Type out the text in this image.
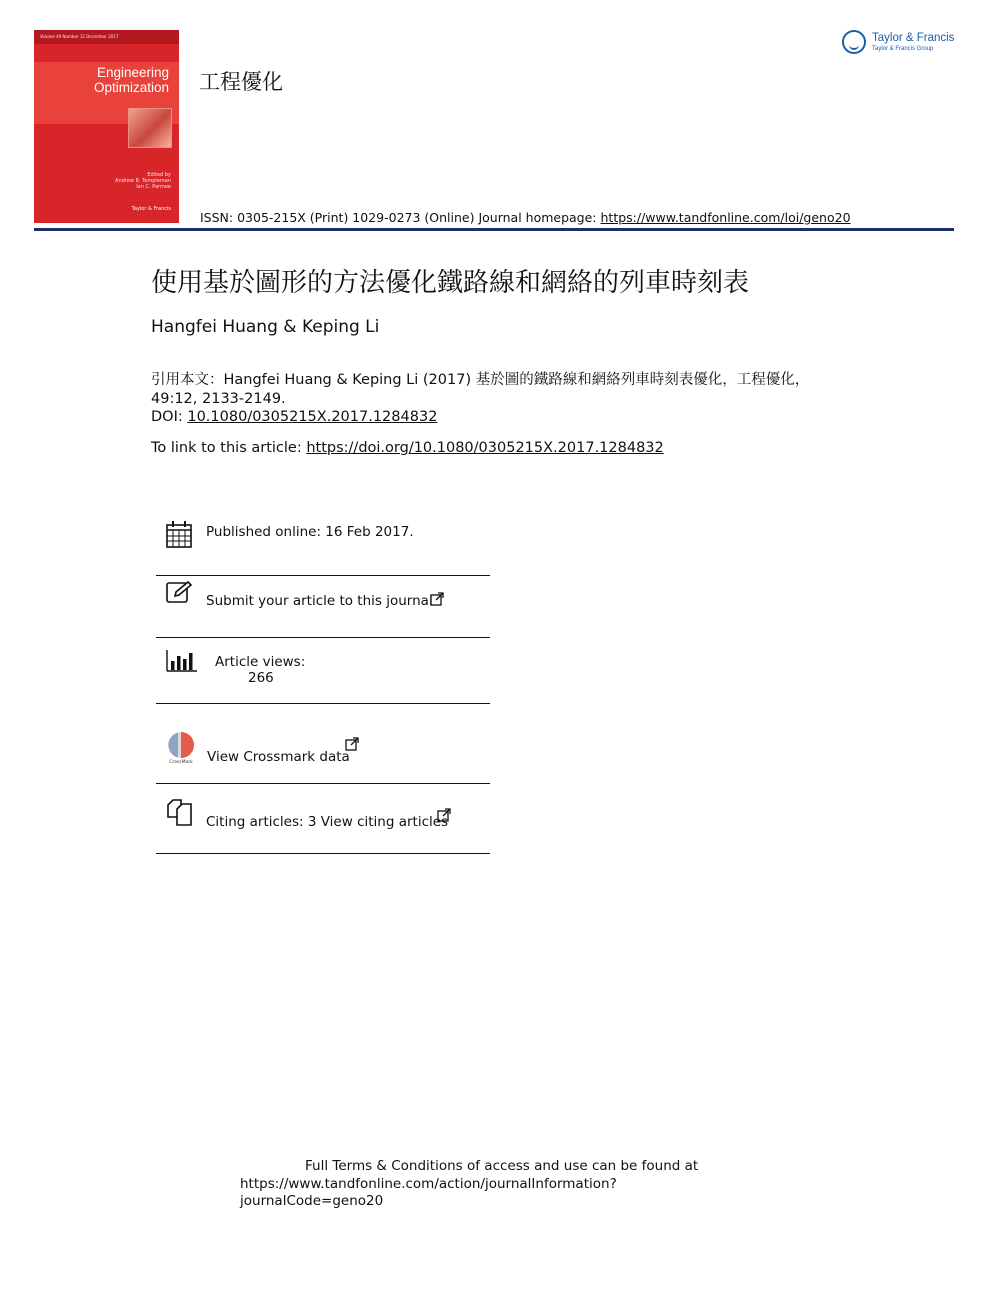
Volume 49 Number 12 December 2017
Engineering
Optimization
Edited by
Andrew B. Templeman
Ian C. Parmee
Taylor & Francis
工程優化
Taylor & Francis
Taylor & Francis Group
ISSN: 0305-215X (Print) 1029-0273 (Online) Journal homepage: https://www.tandfonline.com/loi/geno20
使用基於圖形的方法優化鐵路線和網絡的列車時刻表
Hangfei Huang & Keping Li
引用本文：Hangfei Huang & Keping Li (2017) 基於圖的鐵路線和網絡列車時刻表優化，工程優化，49:12, 2133-2149.
DOI: 10.1080/0305215X.2017.1284832
To link to this article: https://doi.org/10.1080/0305215X.2017.1284832
Published online: 16 Feb 2017.
Submit your article to this journal
Article views:
266
CrossMark View Crossmark data
Citing articles: 3 View citing articles
Full Terms & Conditions of access and use can be found at
https://www.tandfonline.com/action/journalInformation?
journalCode=geno20
